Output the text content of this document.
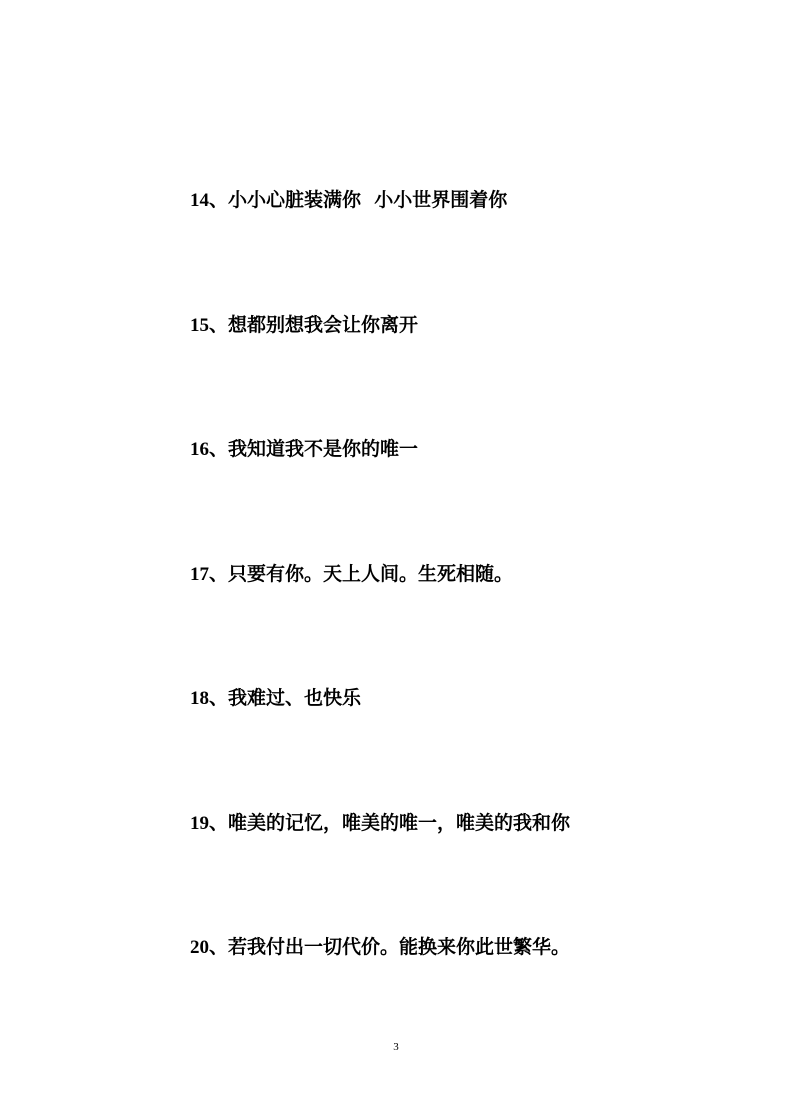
14、小小心脏装满你  小小世界围着你
15、想都别想我会让你离开
16、我知道我不是你的唯一
17、只要有你。天上人间。生死相随。
18、我难过、也快乐
19、唯美的记忆，唯美的唯一，唯美的我和你
20、若我付出一切代价。能换来你此世繁华。
3
